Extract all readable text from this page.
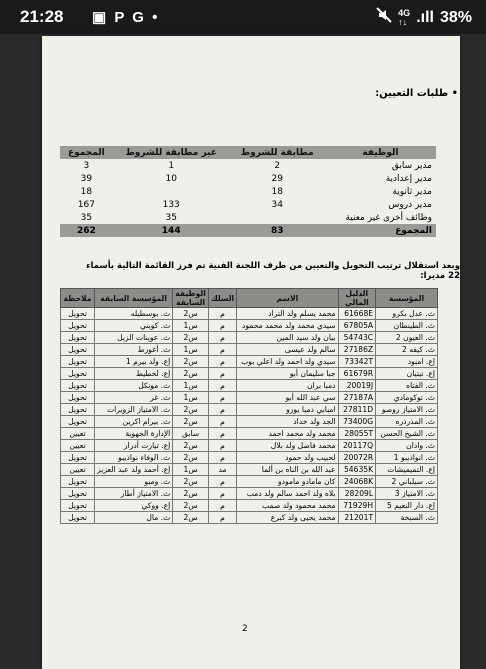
21:28 ▣ P G •	4G
↑↓ .ıll 38%
• طلبات التعيين:
الوظيفة	مطابقة للشروط	غير مطابقة للشروط	المجموع
مدير سابق	2	1	3
مدير إعدادية	29	10	39
مدير ثانوية	18		18
مدير دروس	34	133	167
وظائف أخرى غير معنية		35	35
المجموع	83	144	262
وبعد استقلال ترتيب التحويل والتعيين من طرف اللجنة الفنية تم فرز القائمة التالية بأسماء 22 مديرا:
المؤسسة	الدليل المالي	الاسم	السلك	الوظيفة السابقة	المؤسسة السابقة	ملاحظة
ث. عدل بكرو	61668E	محمد يسلم ولد التراد	م	س2	ث. بوسطيله	تحويل
ث. الطينطان	67805A	سيدي محمد ولد محمد محمود	م	س1	ث. كوبني	تحويل
ث. العيون 2	54743C	بيان ولد سيد المين	م	س2	ث. عوينات الزبل	تحويل
ث. كيفه 2	27186Z	سالم ولد عيسى	م	س1	ث. أغورط	تحويل
إع. امبود	73342T	سيدي ولد احمد ولد اعلي بوب	م	س2	إع. ولد بيرم 1	تحويل
إع. تيتيان	61679R	جبا سليمان أبو	م	س2	إع. لخطيط	تحويل
ث. الفتاه	20019J	دمبا بران	م	س1	ث. مونكل	تحويل
ث. توكومادي	27187A	سي عبد الله أبو	م	س1	ث. غر	تحويل
ث. الامتياز روصو	27811D	امبابي دمبا يورو	م	س2	ث. الامتياز الزويرات	تحويل
ث. المذرذره	73400G	الجد ولد خداد	م	س2	ث. بيرام اكرين	تحويل
ث. الشيخ الحسن	28055T	محمد ولد محمد احمد	م	سابق	الإدارة الجهوية	تعيين
ث. وادان	20117Q	محمد فاضل ولد بلال	م	س2	إع. تيارت أدرار	تعيين
ث. انواذيبو 1	20072R	لحبيب ولد حمود	م	س2	ث. الوفاء نواذيبو	تحويل
إع. التميميشات	54635K	عبد الله بن الناه بن ألما	مد	س1	إع. أحمد ولد عبد العزيز	تعيين
ث. سيلباني 2	24068K	كان مامادو مامودو	م	س2	ث. ومبو	تحويل
ث. الامتياز 3	28209L	بلاه ولد احمد سالم ولد دمب	م	س2	ث. الامتياز أطار	تحويل
إع. دار النعيم 5	71929H	محمد محمود ولد صمب	م	س2	إع. ووكي	تحويل
ث. السبخة	21201T	محمد يحيى ولد كبرع	م	س2	ث. مال	تحويل
2
